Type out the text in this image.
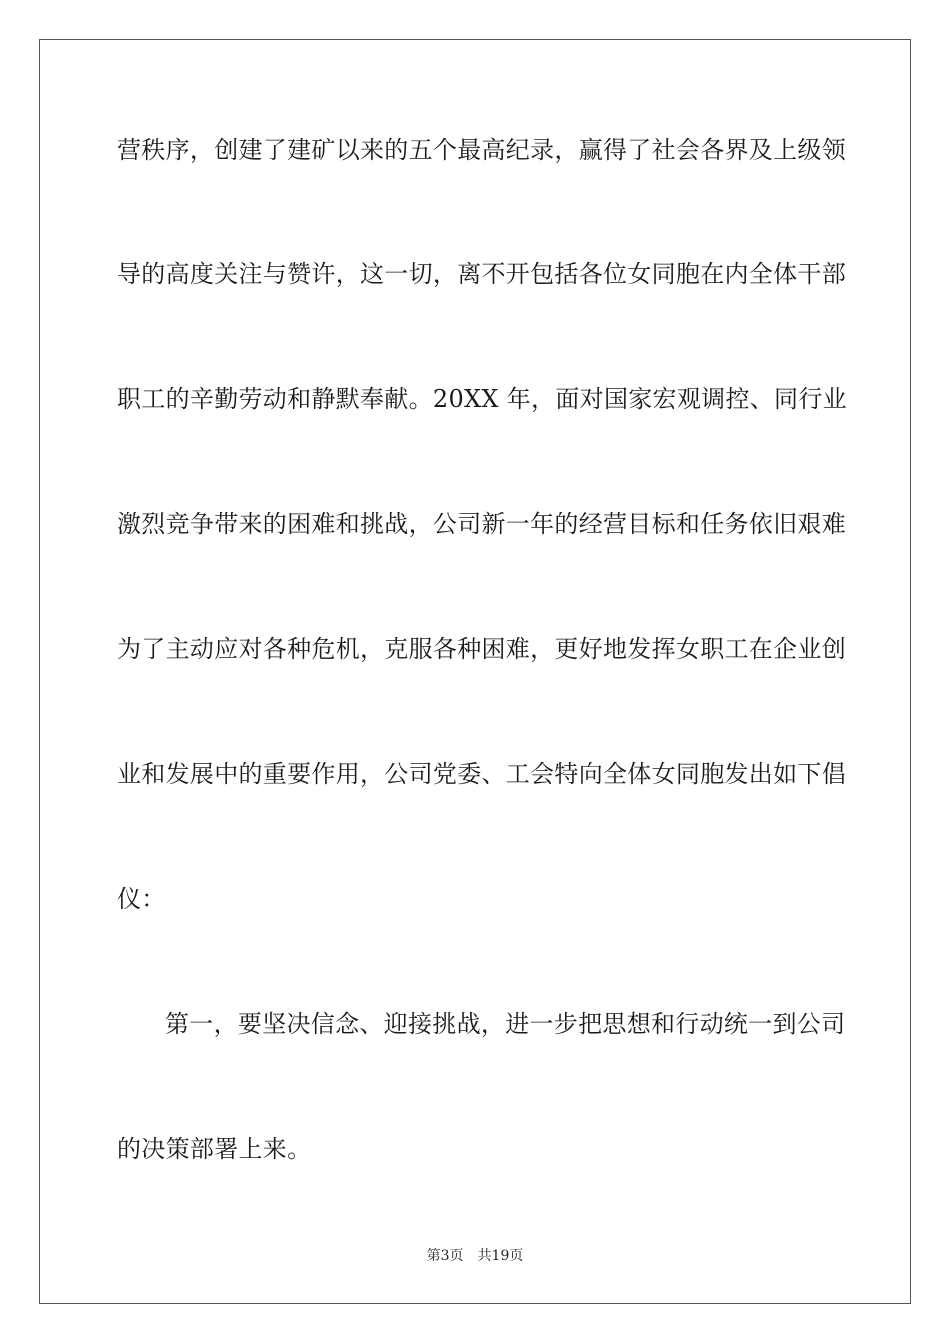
营秩序，创建了建矿以来的五个最高纪录，赢得了社会各界及上级领
导的高度关注与赞许，这一切，离不开包括各位女同胞在内全体干部
职工的辛勤劳动和静默奉献。20XX 年，面对国家宏观调控、同行业
激烈竞争带来的困难和挑战，公司新一年的经营目标和任务依旧艰难
为了主动应对各种危机，克服各种困难，更好地发挥女职工在企业创
业和发展中的重要作用，公司党委、工会特向全体女同胞发出如下倡
仪：
第一，要坚决信念、迎接挑战，进一步把思想和行动统一到公司
的决策部署上来。
第3页 共19页
